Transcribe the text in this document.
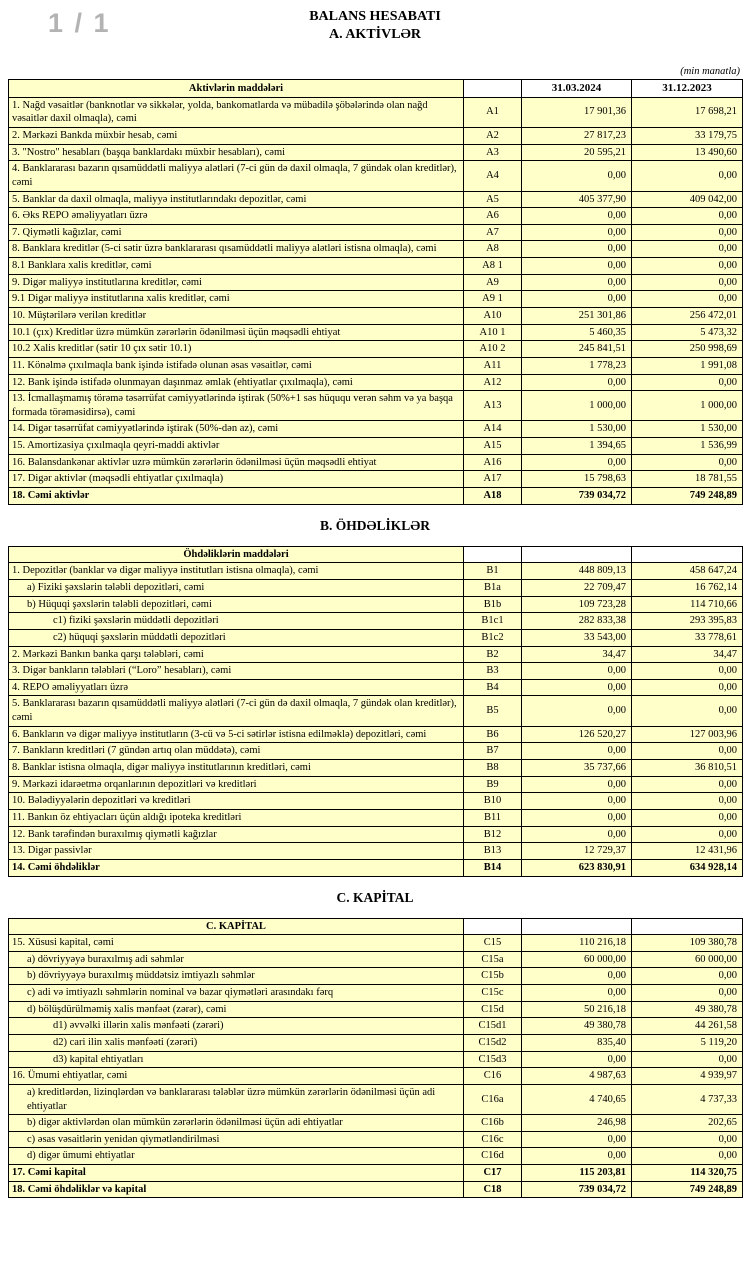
1 / 1	BALANS HESABATI
A. AKTİVLƏR
(min manatla)
Aktivlərin maddələri		31.03.2024	31.12.2023
1. Nağd vəsaitlər (banknotlar və sikkələr, yolda, bankomatlarda və mübadilə şöbələrində olan nağd vəsaitlər daxil olmaqla), cəmi	A1	17 901,36	17 698,21
2. Mərkəzi Bankda müxbir hesab, cəmi	A2	27 817,23	33 179,75
3. "Nostro" hesabları (başqa banklardakı müxbir hesabları), cəmi	A3	20 595,21	13 490,60
4. Banklararası bazarın qısamüddətli maliyyə alətləri (7-ci gün də daxil olmaqla, 7 gündək olan kreditlər), cəmi	A4	0,00	0,00
5. Banklar da daxil olmaqla, maliyyə institutlarındakı depozitlər, cəmi	A5	405 377,90	409 042,00
6. Əks REPO əməliyyatları üzrə	A6	0,00	0,00
7. Qiymətli kağızlar, cəmi	A7	0,00	0,00
8. Banklara kreditlər (5-ci sətir üzrə banklararası qısamüddətli maliyyə alətləri istisna olmaqla), cəmi	A8	0,00	0,00
8.1 Banklara xalis kreditlər, cəmi	A8 1	0,00	0,00
9. Digər maliyyə institutlarına kreditlər, cəmi	A9	0,00	0,00
9.1 Digər maliyyə institutlarına xalis kreditlər, cəmi	A9 1	0,00	0,00
10. Müştərilərə verilən kreditlər	A10	251 301,86	256 472,01
10.1 (çıx) Kreditlər üzrə mümkün zərərlərin ödənilməsi üçün məqsədli ehtiyat	A10 1	5 460,35	5 473,32
10.2 Xalis kreditlər (sətir 10 çıx sətir 10.1)	A10 2	245 841,51	250 998,69
11. Könəlmə çıxılmaqla bank işində istifadə olunan əsas vəsaitlər, cəmi	A11	1 778,23	1 991,08
12. Bank işində istifadə olunmayan daşınmaz əmlak (ehtiyatlar çıxılmaqla), cəmi	A12	0,00	0,00
13. İcmallaşmamış törəmə təsərrüfat cəmiyyətlərində iştirak (50%+1 səs hüququ verən səhm və ya başqa formada törəməsidirsə), cəmi	A13	1 000,00	1 000,00
14. Digər təsərrüfat cəmiyyətlərində iştirak (50%-dən az), cəmi	A14	1 530,00	1 530,00
15. Amortizasiya çıxılmaqla qeyri-maddi aktivlər	A15	1 394,65	1 536,99
16. Balansdankənar aktivlər uzrə mümkün zərərlərin ödənilməsi üçün məqsədli ehtiyat	A16	0,00	0,00
17. Digər aktivlər (məqsədli ehtiyatlar çıxılmaqla)	A17	15 798,63	18 781,55
18. Cəmi aktivlər	A18	739 034,72	749 248,89
B. ÖHDƏLİKLƏR
Öhdəliklərin maddələri			
1. Depozitlər (banklar və digər maliyyə institutları istisna olmaqla), cəmi	B1	448 809,13	458 647,24
a) Fiziki şəxslərin tələbli depozitləri, cəmi	B1a	22 709,47	16 762,14
b) Hüquqi şəxslərin tələbli depozitləri, cəmi	B1b	109 723,28	114 710,66
c1) fiziki şəxslərin müddətli depozitləri	B1c1	282 833,38	293 395,83
c2) hüquqi şəxslərin müddətli depozitləri	B1c2	33 543,00	33 778,61
2. Mərkəzi Bankın banka qarşı tələbləri, cəmi	B2	34,47	34,47
3. Digər bankların tələbləri (“Loro” hesabları), cəmi	B3	0,00	0,00
4. REPO əməliyyatları üzrə	B4	0,00	0,00
5. Banklararası bazarın qısamüddətli maliyyə alətləri (7-ci gün də daxil olmaqla, 7 gündək olan kreditlər), cəmi	B5	0,00	0,00
6. Bankların və digər maliyyə institutların (3-cü və 5-ci sətirlər istisna edilməklə) depozitləri, cəmi	B6	126 520,27	127 003,96
7. Bankların kreditləri (7 gündən artıq olan müddətə), cəmi	B7	0,00	0,00
8. Banklar istisna olmaqla, digər maliyyə institutlarının kreditləri, cəmi	B8	35 737,66	36 810,51
9. Mərkəzi idarəetmə orqanlarının depozitləri və kreditləri	B9	0,00	0,00
10. Bələdiyyələrin depozitləri və kreditləri	B10	0,00	0,00
11. Bankın öz ehtiyacları üçün aldığı ipoteka kreditləri	B11	0,00	0,00
12. Bank tərəfindən buraxılmış qiymətli kağızlar	B12	0,00	0,00
13. Digər passivlər	B13	12 729,37	12 431,96
14. Cəmi öhdəliklər	B14	623 830,91	634 928,14
C. KAPİTAL
C. KAPİTAL			
15. Xüsusi kapital, cəmi	C15	110 216,18	109 380,78
a) dövriyyəyə buraxılmış adi səhmlər	C15a	60 000,00	60 000,00
b) dövriyyəyə buraxılmış müddətsiz imtiyazlı səhmlər	C15b	0,00	0,00
c) adi və imtiyazlı səhmlərin nominal və bazar qiymətləri arasındakı fərq	C15c	0,00	0,00
d) bölüşdürülməmiş xalis mənfəət (zərər), cəmi	C15d	50 216,18	49 380,78
d1) əvvəlki illərin xalis mənfəəti (zərəri)	C15d1	49 380,78	44 261,58
d2) cari ilin xalis mənfəəti (zərəri)	C15d2	835,40	5 119,20
d3) kapital ehtiyatları	C15d3	0,00	0,00
16. Ümumi ehtiyatlar, cəmi	C16	4 987,63	4 939,97
a) kreditlərdən, lizinqlərdən və banklararası tələblər üzrə mümkün zərərlərin ödənilməsi üçün adi ehtiyatlar	C16a	4 740,65	4 737,33
b) digər aktivlərdən olan mümkün zərərlərin ödənilməsi üçün adi ehtiyatlar	C16b	246,98	202,65
c) əsas vəsaitlərin yenidən qiymətləndirilməsi	C16c	0,00	0,00
d) digər ümumi ehtiyatlar	C16d	0,00	0,00
17. Cəmi kapital	C17	115 203,81	114 320,75
18. Cəmi öhdəliklər və kapital	C18	739 034,72	749 248,89
